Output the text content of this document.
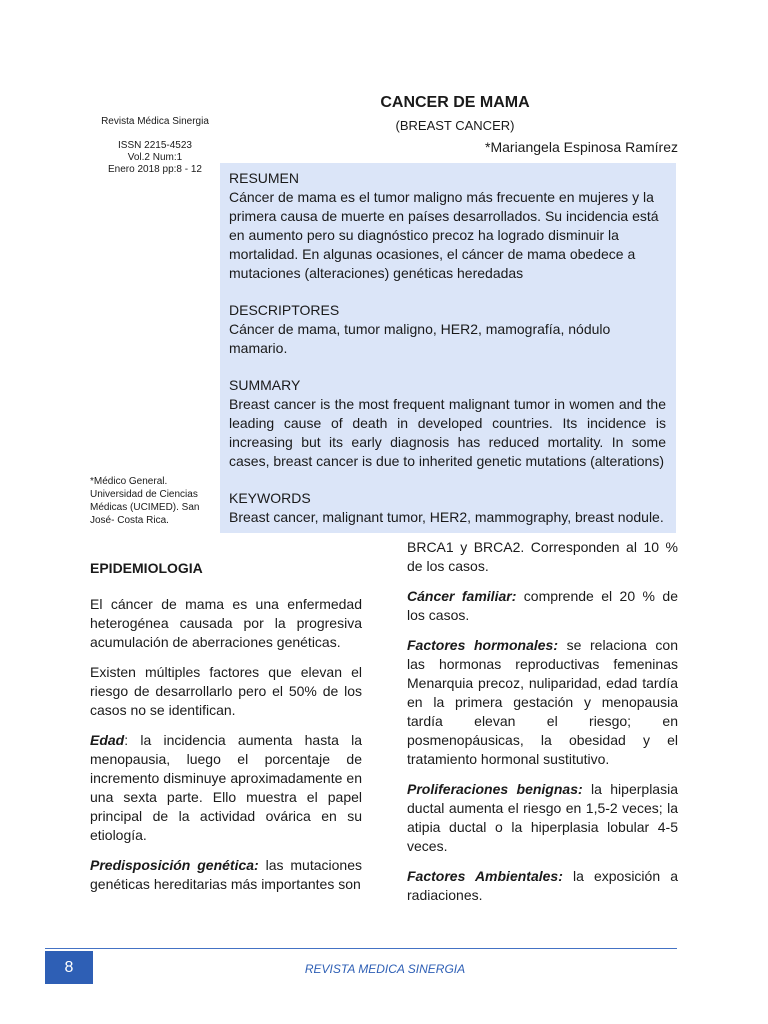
CANCER DE MAMA
(BREAST CANCER)
*Mariangela Espinosa Ramírez
Revista Médica Sinergia
ISSN 2215-4523
Vol.2 Num:1
Enero 2018 pp:8 - 12
RESUMEN

Cáncer de mama es el tumor maligno más frecuente en mujeres y la primera causa de muerte en países desarrollados. Su incidencia está en aumento pero su diagnóstico precoz ha logrado disminuir la mortalidad. En algunas ocasiones, el cáncer de mama obedece a mutaciones (alteraciones) genéticas heredadas

DESCRIPTORES

Cáncer de mama, tumor maligno, HER2, mamografía, nódulo mamario.

SUMMARY

Breast cancer is the most frequent malignant tumor in women and the leading cause of death in developed countries. Its incidence is increasing but its early diagnosis has reduced mortality. In some cases, breast cancer is due to inherited genetic mutations (alterations)

KEYWORDS

Breast cancer, malignant tumor, HER2, mammography, breast nodule.

*Médico General. Universidad de Ciencias Médicas (UCIMED). San José- Costa Rica.
EPIDEMIOLOGIA

El cáncer de mama es una enfermedad heterogénea causada por la progresiva acumulación de aberraciones genéticas.

Existen múltiples factores que elevan el riesgo de desarrollarlo pero el 50% de los casos no se identifican.

Edad: la incidencia aumenta hasta la menopausia, luego el porcentaje de incremento disminuye aproximadamente en una sexta parte. Ello muestra el papel principal de la actividad ovárica en su etiología.

Predisposición genética: las mutaciones genéticas hereditarias más importantes son

BRCA1 y BRCA2. Corresponden al 10 % de los casos.

Cáncer familiar: comprende el 20 % de los casos.

Factores hormonales: se relaciona con las hormonas reproductivas femeninas Menarquia precoz, nuliparidad, edad tardía en la primera gestación y menopausia tardía elevan el riesgo; en posmenopáusicas, la obesidad y el tratamiento hormonal sustitutivo.

Proliferaciones benignas: la hiperplasia ductal aumenta el riesgo en 1,5-2 veces; la atipia ductal o la hiperplasia lobular 4-5 veces.

Factores Ambientales: la exposición a radiaciones.

8	REVISTA MEDICA SINERGIA
